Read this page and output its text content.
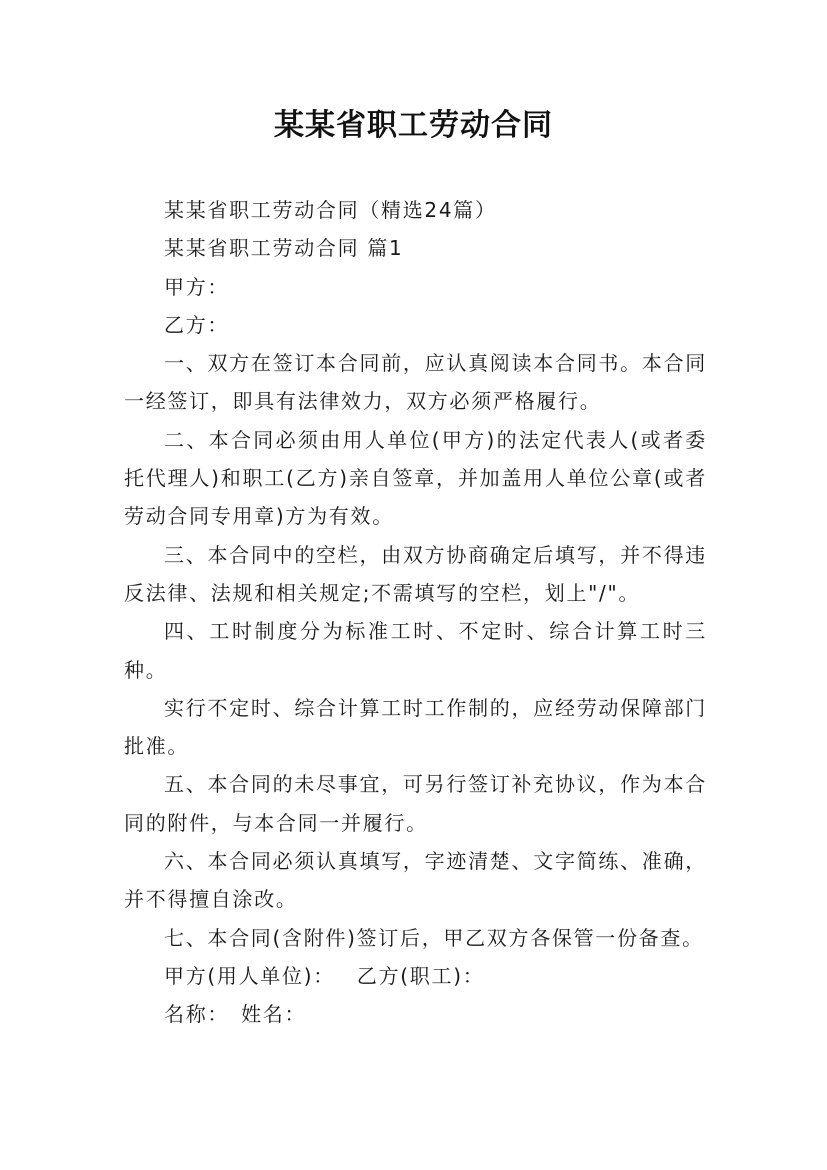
某某省职工劳动合同

某某省职工劳动合同（精选24篇）

某某省职工劳动合同 篇1

甲方：

乙方：

一、双方在签订本合同前，应认真阅读本合同书。本合同一经签订，即具有法律效力，双方必须严格履行。

二、本合同必须由用人单位(甲方)的法定代表人(或者委托代理人)和职工(乙方)亲自签章，并加盖用人单位公章(或者劳动合同专用章)方为有效。

三、本合同中的空栏，由双方协商确定后填写，并不得违反法律、法规和相关规定;不需填写的空栏，划上"/"。

四、工时制度分为标准工时、不定时、综合计算工时三种。

实行不定时、综合计算工时工作制的，应经劳动保障部门批准。

五、本合同的未尽事宜，可另行签订补充协议，作为本合同的附件，与本合同一并履行。

六、本合同必须认真填写，字迹清楚、文字简练、准确，并不得擅自涂改。

七、本合同(含附件)签订后，甲乙双方各保管一份备查。

甲方(用人单位)： 乙方(职工)：

名称： 姓名：
